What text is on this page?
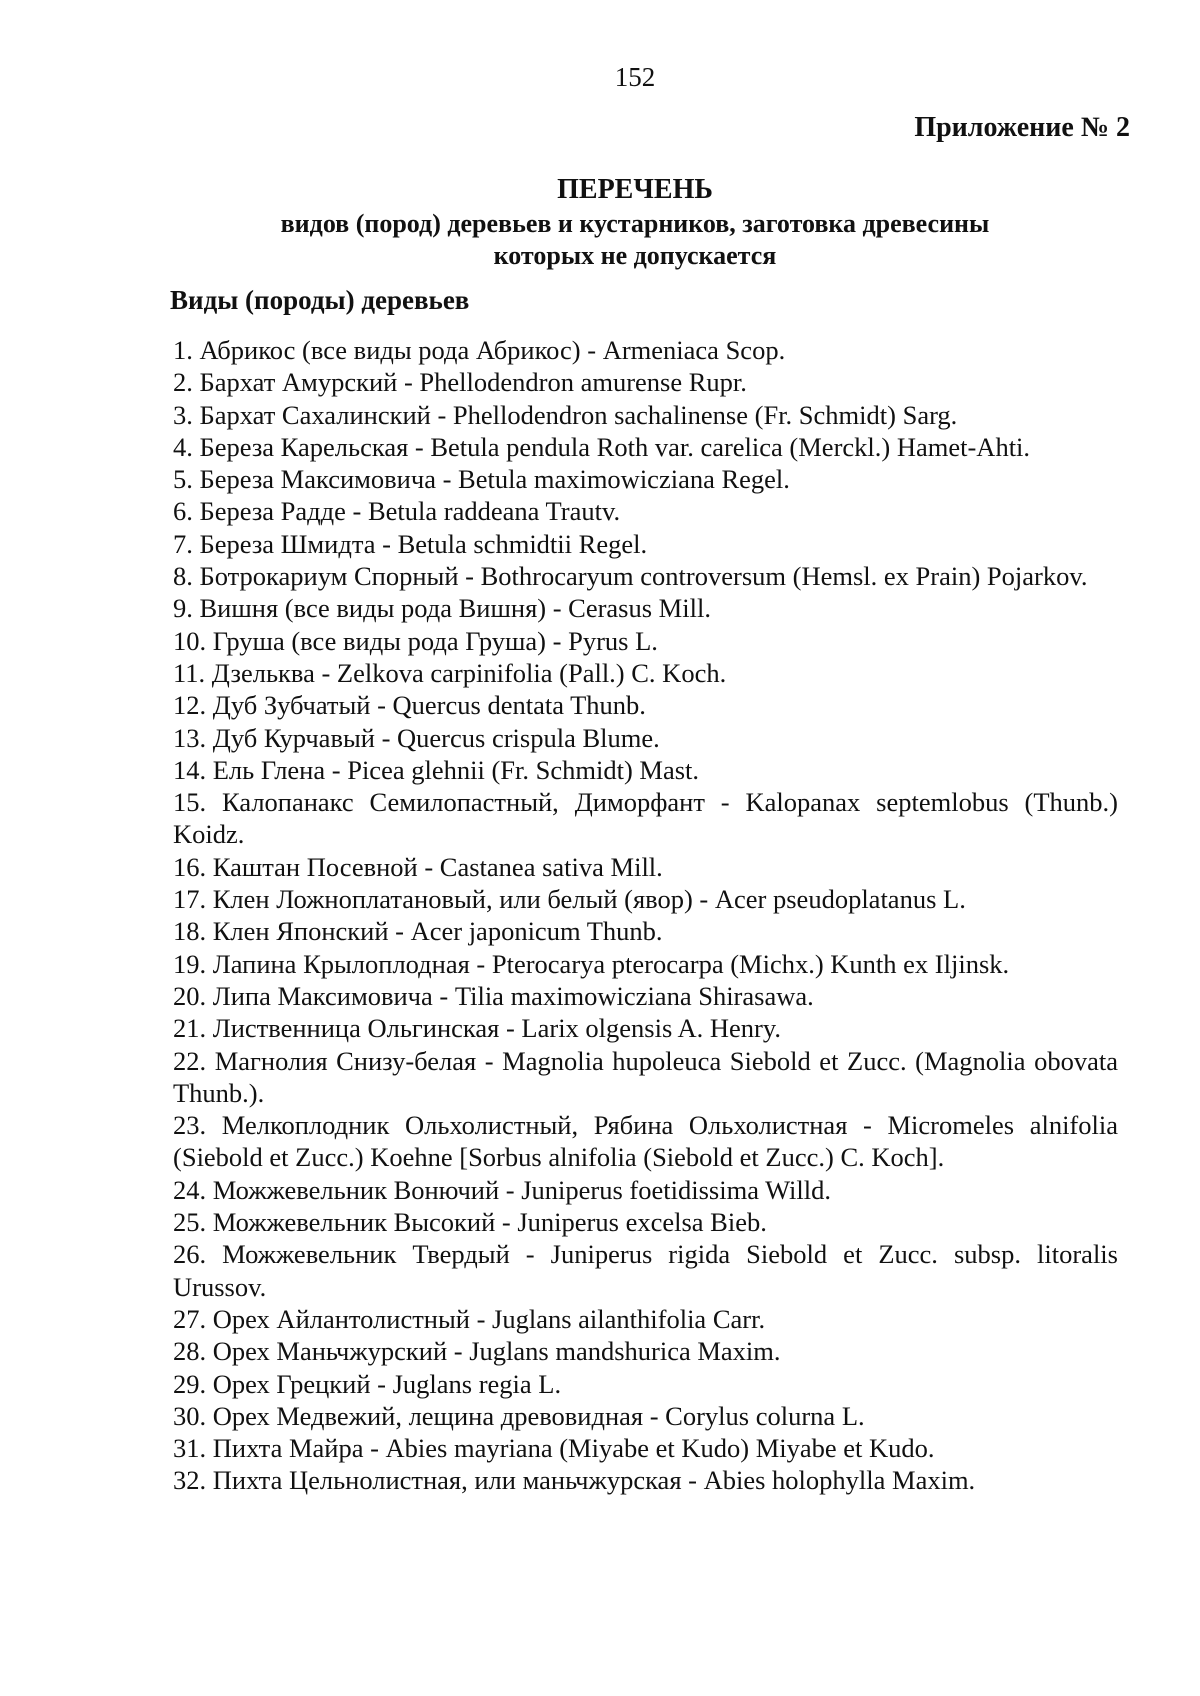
152
Приложение № 2
ПЕРЕЧЕНЬ
видов (пород) деревьев и кустарников, заготовка древесины
которых не допускается
Виды (породы) деревьев
1. Абрикос (все виды рода Абрикос) - Armeniaca Scop.
2. Бархат Амурский - Phellodendron amurense Rupr.
3. Бархат Сахалинский - Phellodendron sachalinense (Fr. Schmidt) Sarg.
4. Береза Карельская - Betula pendula Roth var. carelica (Merckl.) Hamet-Ahti.
5. Береза Максимовича - Betula maximowicziana Regel.
6. Береза Радде - Betula raddeana Trautv.
7. Береза Шмидта - Betula schmidtii Regel.
8. Ботрокариум Спорный - Bothrocaryum controversum (Hemsl. ex Prain) Pojarkov.
9. Вишня (все виды рода Вишня) - Cerasus Mill.
10. Груша (все виды рода Груша) - Pyrus L.
11. Дзельква - Zelkova carpinifolia (Pall.) C. Koch.
12. Дуб Зубчатый - Quercus dentata Thunb.
13. Дуб Курчавый - Quercus crispula Blume.
14. Ель Глена - Picea glehnii (Fr. Schmidt) Mast.
15. Калопанакс Семилопастный, Диморфант - Kalopanax septemlobus (Thunb.) Koidz.
16. Каштан Посевной - Castanea sativa Mill.
17. Клен Ложноплатановый, или белый (явор) - Acer pseudoplatanus L.
18. Клен Японский - Acer japonicum Thunb.
19. Лапина Крылоплодная - Pterocarya pterocarpa (Michx.) Kunth ex Iljinsk.
20. Липа Максимовича - Tilia maximowicziana Shirasawa.
21. Лиственница Ольгинская - Larix olgensis A. Henry.
22. Магнолия Снизу-белая - Magnolia hupoleuca Siebold et Zucc. (Magnolia obovata Thunb.).
23. Мелкоплодник Ольхолистный, Рябина Ольхолистная - Micromeles alnifolia (Siebold et Zucc.) Koehne [Sorbus alnifolia (Siebold et Zucc.) C. Koch].
24. Можжевельник Вонючий - Juniperus foetidissima Willd.
25. Можжевельник Высокий - Juniperus excelsa Bieb.
26. Можжевельник Твердый - Juniperus rigida Siebold et Zucc. subsp. litoralis Urussov.
27. Орех Айлантолистный - Juglans ailanthifolia Carr.
28. Орех Маньчжурский - Juglans mandshurica Maxim.
29. Орех Грецкий - Juglans regia L.
30. Орех Медвежий, лещина древовидная - Corylus colurna L.
31. Пихта Майра - Abies mayriana (Miyabe et Kudo) Miyabe et Kudo.
32. Пихта Цельнолистная, или маньчжурская - Abies holophylla Maxim.
